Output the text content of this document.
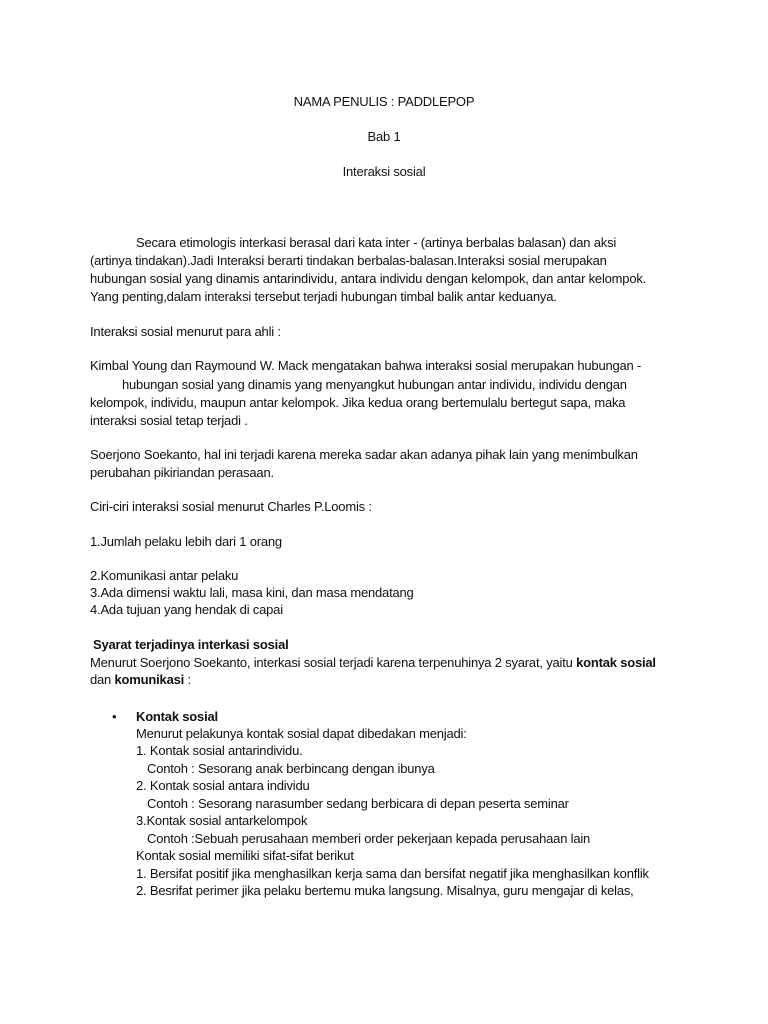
NAMA PENULIS : PADDLEPOP
Bab 1
Interaksi sosial
Secara etimologis interkasi berasal dari kata inter - (artinya berbalas balasan) dan aksi
(artinya tindakan).Jadi Interaksi berarti tindakan berbalas-balasan.Interaksi sosial merupakan
hubungan sosial yang dinamis antarindividu, antara individu dengan kelompok, dan antar kelompok.
Yang penting,dalam interaksi tersebut terjadi hubungan timbal balik antar keduanya.
Interaksi sosial menurut para ahli :
Kimbal Young dan Raymound W. Mack mengatakan bahwa interaksi sosial merupakan hubungan -
hubungan sosial yang dinamis yang menyangkut hubungan antar individu, individu dengan
kelompok, individu, maupun antar kelompok. Jika kedua orang bertemulalu bertegut sapa, maka
interaksi sosial tetap terjadi .
Soerjono Soekanto, hal ini terjadi karena mereka sadar akan adanya pihak lain yang menimbulkan
perubahan pikiriandan perasaan.
Ciri-ciri interaksi sosial menurut Charles P.Loomis :
1.Jumlah pelaku lebih dari 1 orang
2.Komunikasi antar pelaku
3.Ada dimensi waktu lali, masa kini, dan masa mendatang
4.Ada tujuan yang hendak di capai
Syarat terjadinya interkasi sosial
Menurut Soerjono Soekanto, interkasi sosial terjadi karena terpenuhinya 2 syarat, yaitu kontak sosial
dan komunikasi :
• Kontak sosial
Menurut pelakunya kontak sosial dapat dibedakan menjadi:
1. Kontak sosial antarindividu.
Contoh : Sesorang anak berbincang dengan ibunya
2. Kontak sosial antara individu
Contoh : Sesorang narasumber sedang berbicara di depan peserta seminar
3.Kontak sosial antarkelompok
Contoh :Sebuah perusahaan memberi order pekerjaan kepada perusahaan lain
Kontak sosial memiliki sifat-sifat berikut
1. Bersifat positif jika menghasilkan kerja sama dan bersifat negatif jika menghasilkan konflik
2. Besrifat perimer jika pelaku bertemu muka langsung. Misalnya, guru mengajar di kelas,
